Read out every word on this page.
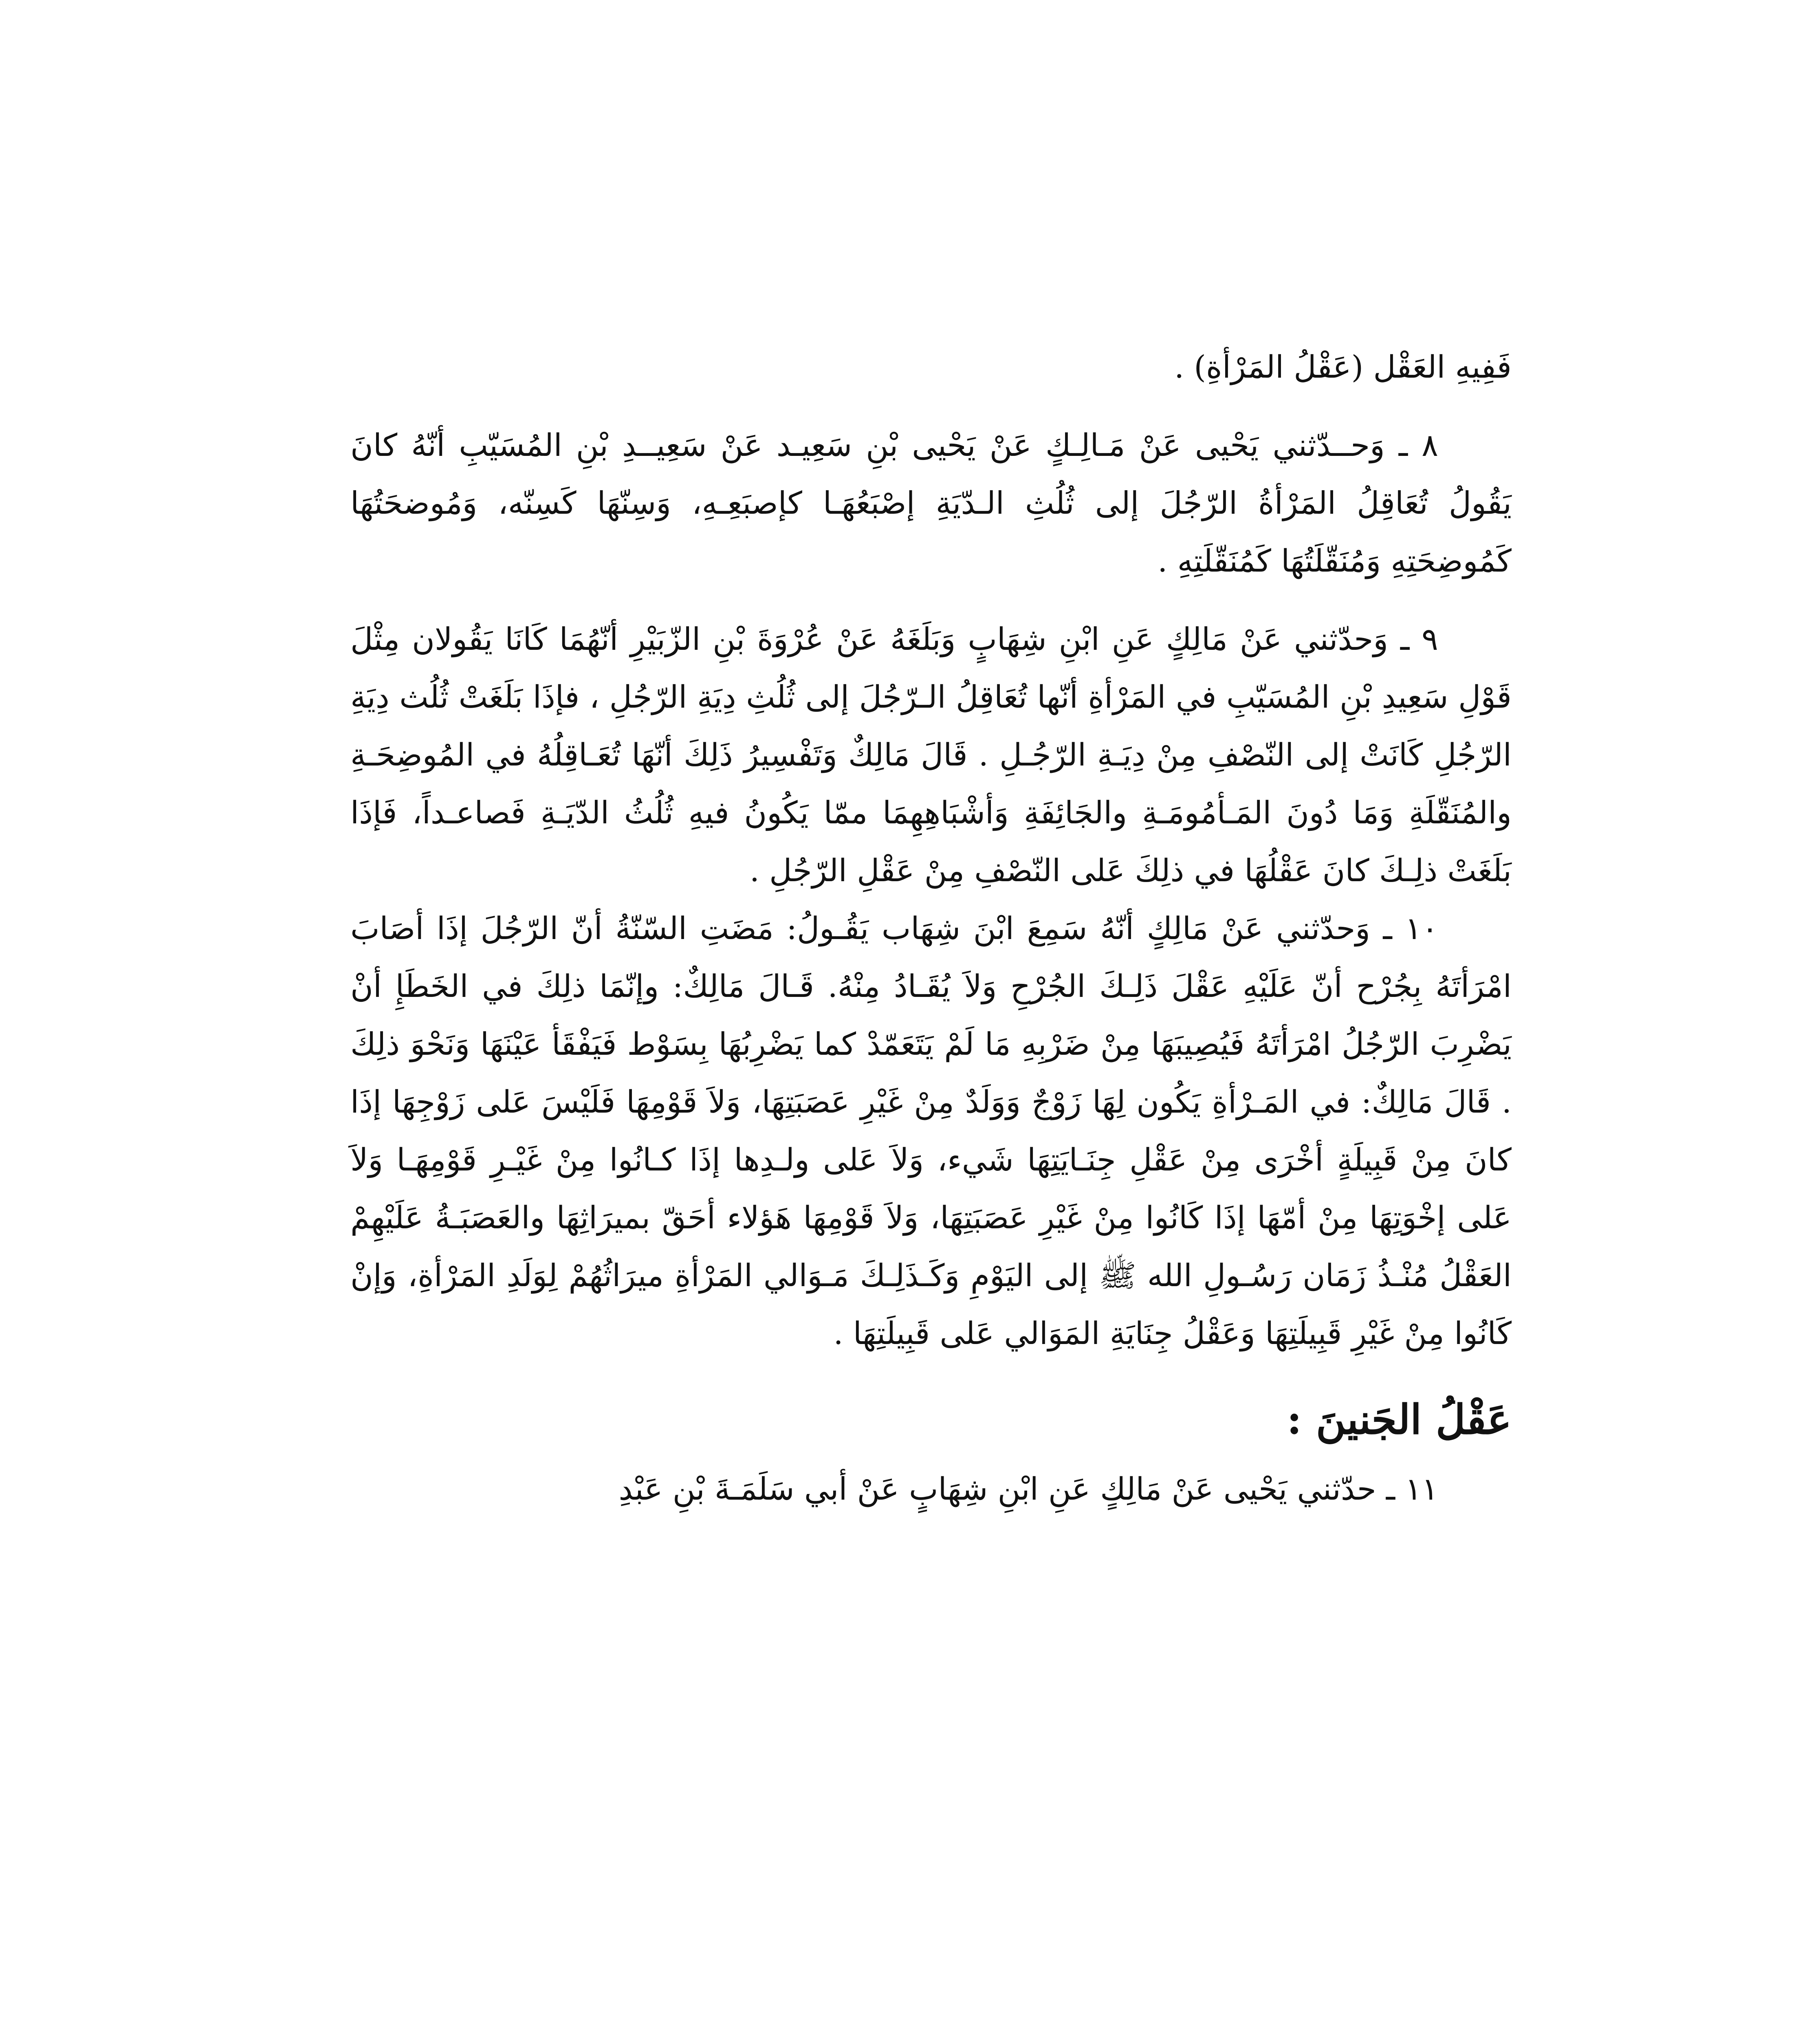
فَفِيهِ العَقْل (عَقْلُ المَرْأةِ) .

٨ ـ وَحــدّثني يَحْيى عَنْ مَـالِـكٍ عَنْ يَحْيى بْنِ سَعِيـد عَنْ سَعِيــدِ بْنِ المُسَيّبِ أنّهُ كانَ يَقُولُ تُعَاقِلُ المَرْأةُ الرّجُلَ إلى ثُلُثِ الـدّيَةِ إصْبَعُهَـا كإصبَعِـهِ، وَسِنّهَا كَسِنّه، وَمُوضحَتُهَا كَمُوضِحَتِهِ وَمُنَقّلَتُهَا كَمُنَقّلَتِهِ .

٩ ـ وَحدّثني عَنْ مَالِكٍ عَنِ ابْنِ شِهَابٍ وَبَلَغَهُ عَنْ عُرْوَةَ بْنِ الزّبَيْرِ أنّهُمَا كَانَا يَقُولان مِثْلَ قَوْلِ سَعِيدِ بْنِ المُسَيّبِ في المَرْأةِ أنّها تُعَاقِلُ الـرّجُلَ إلى ثُلُثِ دِيَةِ الرّجُلِ ، فإذَا بَلَغَتْ ثُلُث دِيَةِ الرّجُلِ كَانَتْ إلى النّصْفِ مِنْ دِيَـةِ الرّجُـلِ . قَالَ مَالِكٌ وَتَفْسِيرُ ذَلِكَ أنّهَا تُعَـاقِلُهُ في المُوضِحَـةِ والمُنَقّلَةِ وَمَا دُونَ المَـأمُومَـةِ والجَائِفَةِ وَأشْبَاهِهِمَا ممّا يَكُونُ فيهِ ثُلُثُ الدّيَـةِ فَصاعـداً، فَإذَا بَلَغَتْ ذلِـكَ كانَ عَقْلُهَا في ذلِكَ عَلى النّصْفِ مِنْ عَقْلِ الرّجُلِ .

١٠ ـ وَحدّثني عَنْ مَالِكٍ أنّهُ سَمِعَ ابْنَ شِهَاب يَقُـولُ: مَضَتِ السّنّةُ أنّ الرّجُلَ إذَا أصَابَ امْرَأتَهُ بِجُرْح أنّ عَلَيْهِ عَقْلَ ذَلِـكَ الجُرْحِ وَلاَ يُقَـادُ مِنْهُ. قَـالَ مَالِكٌ: وإنّمَا ذلِكَ في الخَطَإِ أنْ يَضْرِبَ الرّجُلُ امْرَأتَهُ فَيُصِيبَهَا مِنْ ضَرْبِهِ مَا لَمْ يَتَعَمّدْ كما يَضْرِبُهَا بِسَوْط فَيَفْقَأ عَيْنَهَا وَنَحْوَ ذلِكَ . قَالَ مَالِكٌ: في المَـرْأةِ يَكُون لِهَا زَوْجٌ وَوَلَدٌ مِنْ غَيْرِ عَصَبَتِهَا، وَلاَ قَوْمِهَا فَلَيْسَ عَلى زَوْجِهَا إذَا كانَ مِنْ قَبِيلَةٍ أخْرَى مِنْ عَقْلِ جِنَـايَتِهَا شَيء، وَلاَ عَلى ولـدِها إذَا كـانُوا مِنْ غَيْـرِ قَوْمِهَـا وَلاَ عَلى إخْوَتِهَا مِنْ أمّهَا إذَا كَانُوا مِنْ غَيْرِ عَصَبَتِهَا، وَلاَ قَوْمِهَا هَؤلاء أحَقّ بميرَاثِهَا والعَصَبَـةُ عَلَيْهِمْ العَقْلُ مُنْـذُ زَمَان رَسُـولِ الله ﷺ إلى اليَوْمِ وَكَـذَلِـكَ مَـوَالي المَرْأةِ ميرَاثُهُمْ لِوَلَدِ المَرْأةِ، وَإنْ كَانُوا مِنْ غَيْرِ قَبِيلَتِهَا وَعَقْلُ جِنَايَةِ المَوَالي عَلى قَبِيلَتِهَا .

عَقْلُ الجَنينَ :

١١ ـ حدّثني يَحْيى عَنْ مَالِكٍ عَنِ ابْنِ شِهَابٍ عَنْ أبي سَلَمَـةَ بْنِ عَبْدِ
